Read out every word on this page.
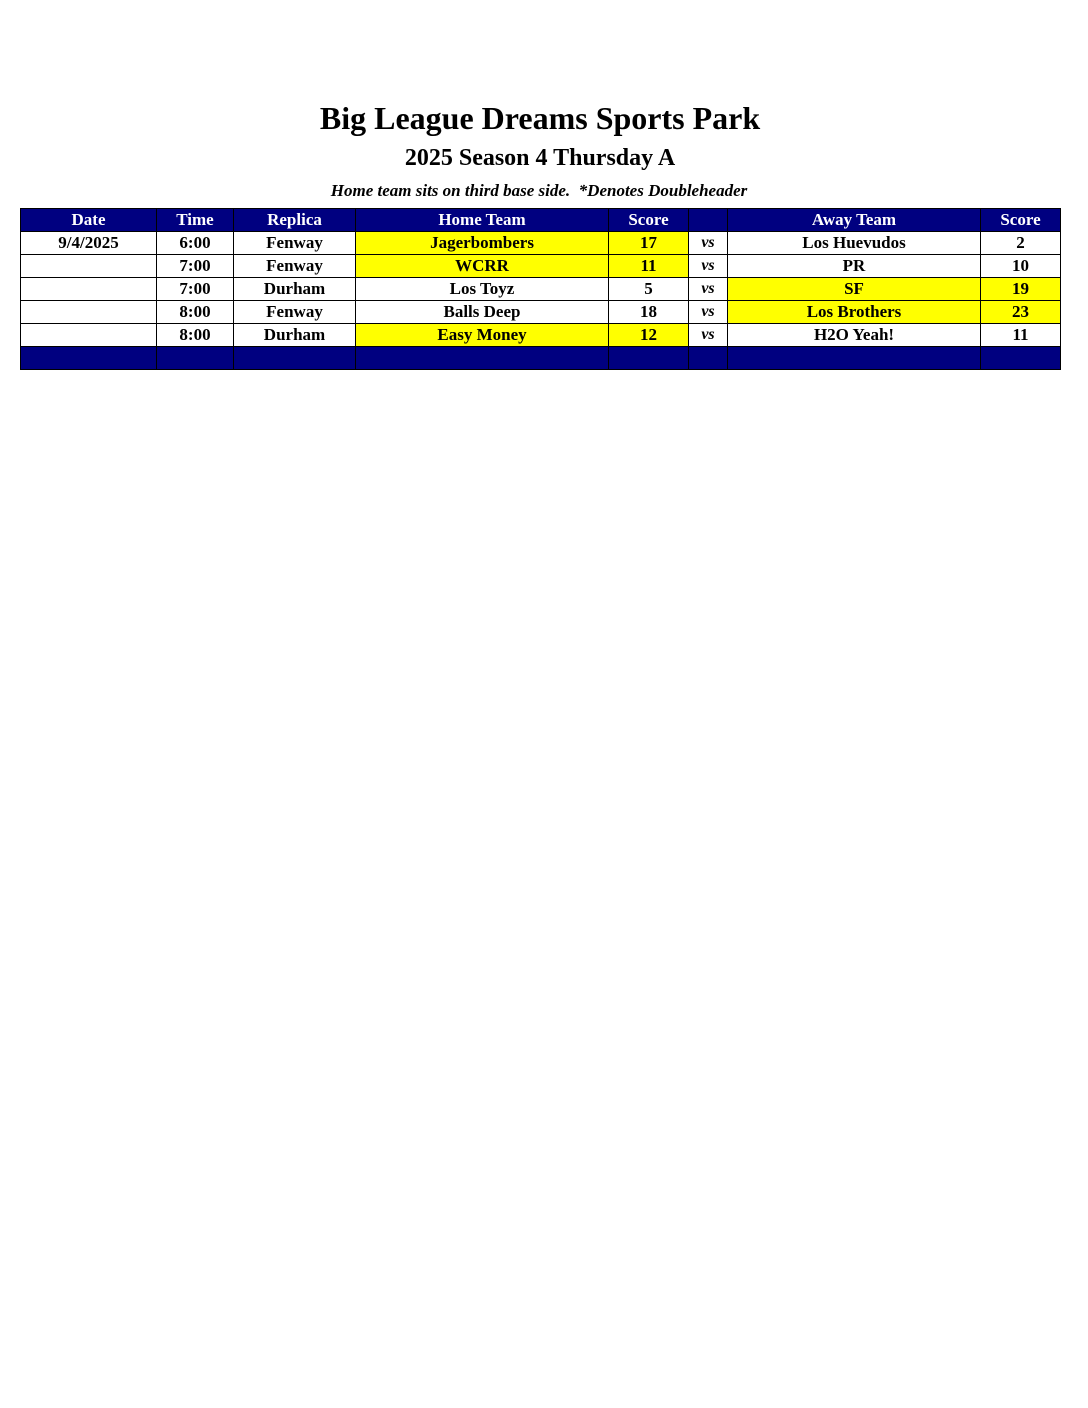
Big League Dreams Sports Park
2025 Season 4 Thursday A
Home team sits on third base side.  *Denotes Doubleheader
Date	Time	Replica	Home Team	Score		Away Team	Score
9/4/2025	6:00	Fenway	Jagerbombers	17	vs	Los Huevudos	2
	7:00	Fenway	WCRR	11	vs	PR	10
	7:00	Durham	Los Toyz	5	vs	SF	19
	8:00	Fenway	Balls Deep	18	vs	Los Brothers	23
	8:00	Durham	Easy Money	12	vs	H2O Yeah!	11
